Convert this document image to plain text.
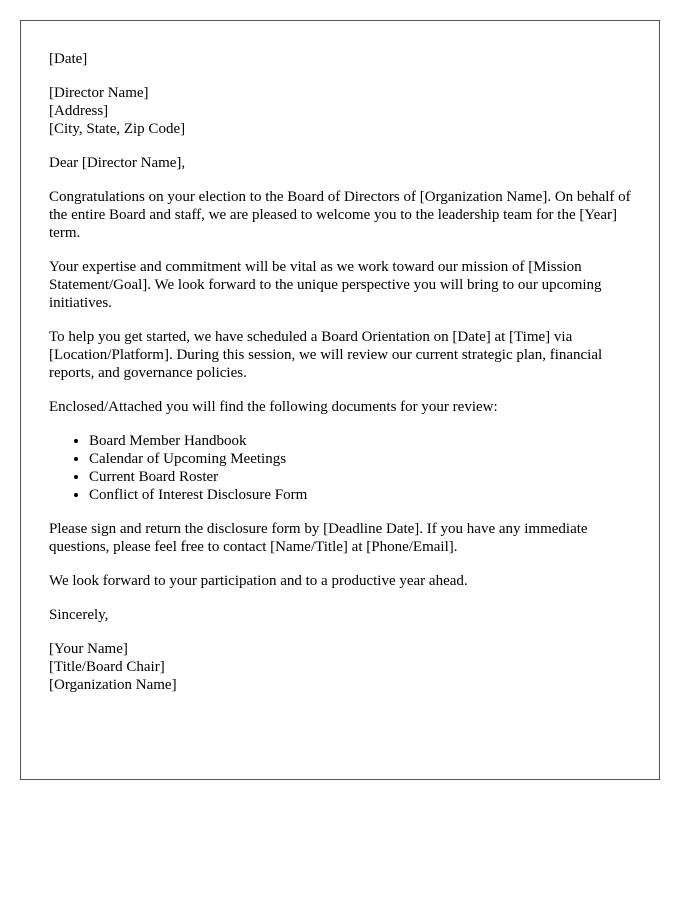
[Date]

[Director Name]
[Address]
[City, State, Zip Code]

Dear [Director Name],

Congratulations on your election to the Board of Directors of [Organization Name]. On behalf of the entire Board and staff, we are pleased to welcome you to the leadership team for the [Year] term.

Your expertise and commitment will be vital as we work toward our mission of [Mission Statement/Goal]. We look forward to the unique perspective you will bring to our upcoming initiatives.

To help you get started, we have scheduled a Board Orientation on [Date] at [Time] via [Location/Platform]. During this session, we will review our current strategic plan, financial reports, and governance policies.

Enclosed/Attached you will find the following documents for your review:

• Board Member Handbook
• Calendar of Upcoming Meetings
• Current Board Roster
• Conflict of Interest Disclosure Form

Please sign and return the disclosure form by [Deadline Date]. If you have any immediate questions, please feel free to contact [Name/Title] at [Phone/Email].

We look forward to your participation and to a productive year ahead.

Sincerely,

[Your Name]
[Title/Board Chair]
[Organization Name]
